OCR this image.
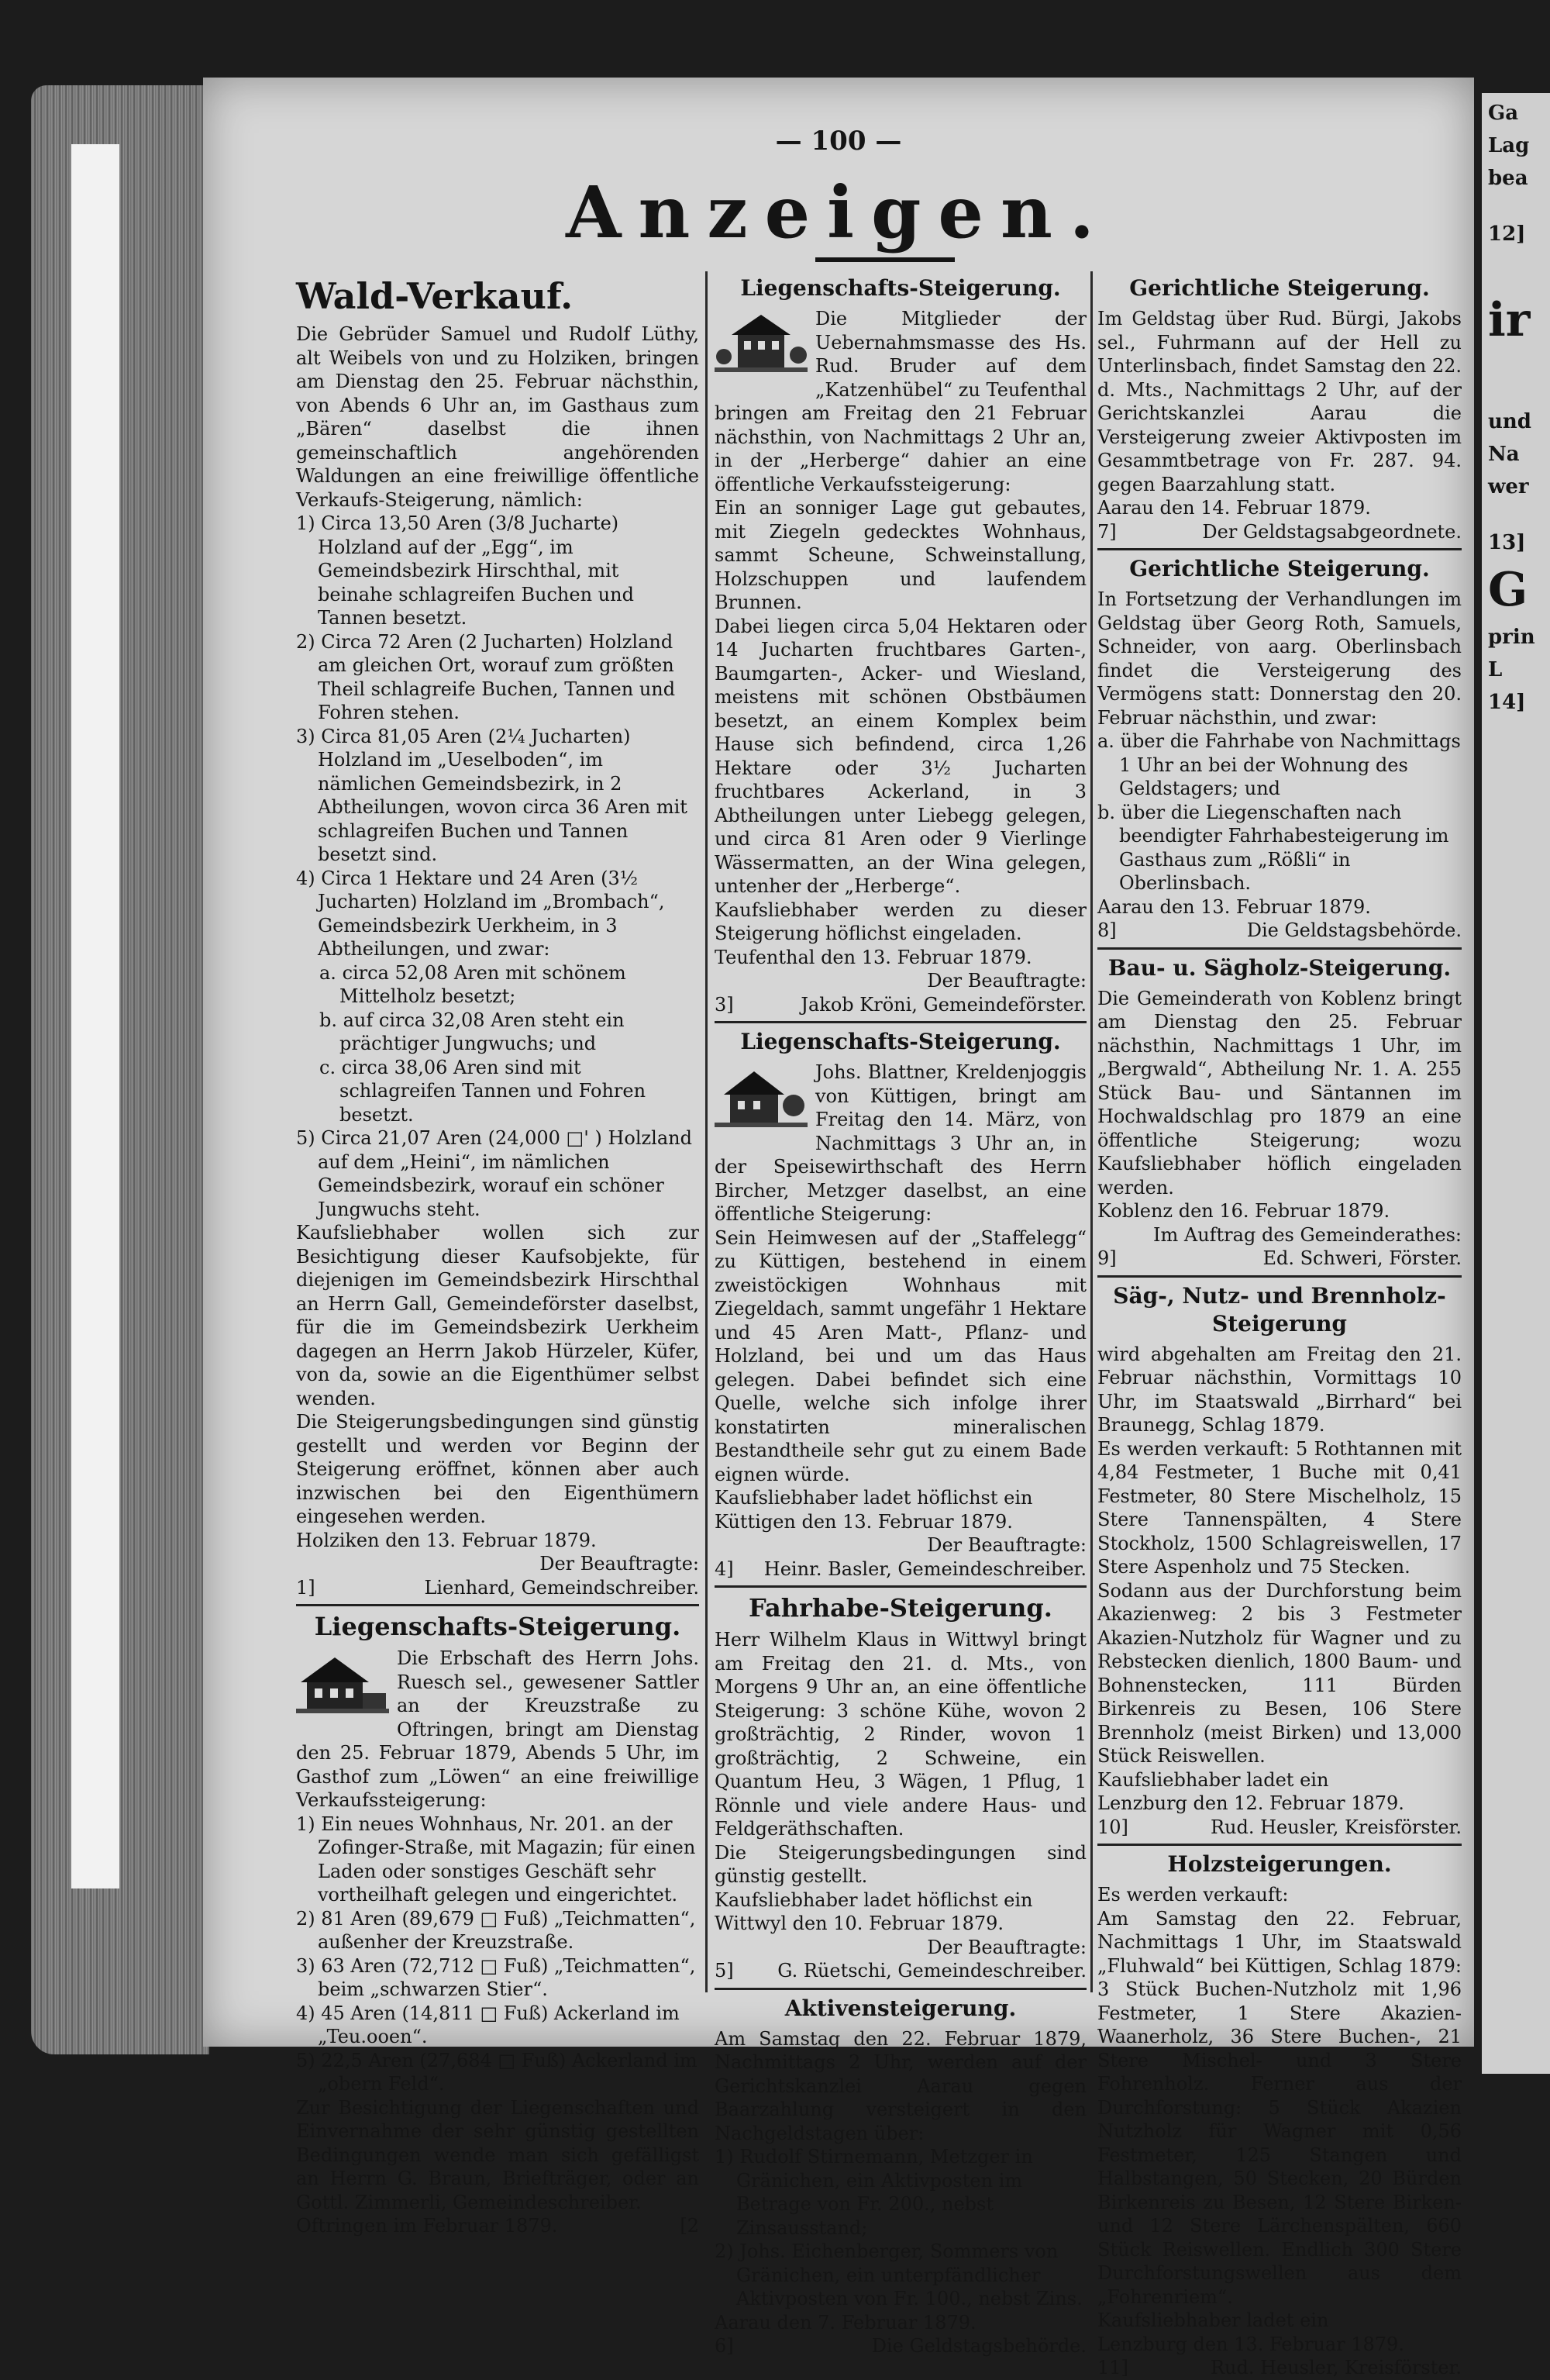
— 100 —
Anzeigen.
Wald-Verkauf.
Die Gebrüder Samuel und Rudolf Lüthy, alt Weibels von und zu Holziken, bringen am Dienstag den 25. Februar nächsthin, von Abends 6 Uhr an, im Gasthaus zum „Bären“ daselbst die ihnen gemeinschaftlich angehörenden Waldungen an eine freiwillige öffentliche Verkaufs-Steigerung, nämlich:
1) Circa 13,50 Aren (3/8 Jucharte) Holzland auf der „Egg“, im Gemeindsbezirk Hirschthal, mit beinahe schlagreifen Buchen und Tannen besetzt.
2) Circa 72 Aren (2 Jucharten) Holzland am gleichen Ort, worauf zum größten Theil schlagreife Buchen, Tannen und Fohren stehen.
3) Circa 81,05 Aren (2¼ Jucharten) Holzland im „Ueselboden“, im nämlichen Gemeindsbezirk, in 2 Abtheilungen, wovon circa 36 Aren mit schlagreifen Buchen und Tannen besetzt sind.
4) Circa 1 Hektare und 24 Aren (3½ Jucharten) Holzland im „Brombach“, Gemeindsbezirk Uerkheim, in 3 Abtheilungen, und zwar:
a. circa 52,08 Aren mit schönem Mittelholz besetzt;
b. auf circa 32,08 Aren steht ein prächtiger Jungwuchs; und
c. circa 38,06 Aren sind mit schlagreifen Tannen und Fohren besetzt.
5) Circa 21,07 Aren (24,000 □' ) Holzland auf dem „Heini“, im nämlichen Gemeindsbezirk, worauf ein schöner Jungwuchs steht.
Kaufsliebhaber wollen sich zur Besichtigung dieser Kaufsobjekte, für diejenigen im Gemeindsbezirk Hirschthal an Herrn Gall, Gemeindeförster daselbst, für die im Gemeindsbezirk Uerkheim dagegen an Herrn Jakob Hürzeler, Küfer, von da, sowie an die Eigenthümer selbst wenden.
Die Steigerungsbedingungen sind günstig gestellt und werden vor Beginn der Steigerung eröffnet, können aber auch inzwischen bei den Eigenthümern eingesehen werden.
Holziken den 13. Februar 1879.
Der Beauftragte:
1]	Lienhard, Gemeindschreiber.
Liegenschafts-Steigerung.
Die Erbschaft des Herrn Johs. Ruesch sel., gewesener Sattler an der Kreuzstraße zu Oftringen, bringt am Dienstag den 25. Februar 1879, Abends 5 Uhr, im Gasthof zum „Löwen“ an eine freiwillige Verkaufssteigerung:
1) Ein neues Wohnhaus, Nr. 201. an der Zofinger-Straße, mit Magazin; für einen Laden oder sonstiges Geschäft sehr vortheilhaft gelegen und eingerichtet.
2) 81 Aren (89,679 □ Fuß) „Teichmatten“, außenher der Kreuzstraße.
3) 63 Aren (72,712 □ Fuß) „Teichmatten“, beim „schwarzen Stier“.
4) 45 Aren (14,811 □ Fuß) Ackerland im „Teu.ooen“.
5) 22,5 Aren (27,684 □ Fuß) Ackerland im „obern Feld“.
Zur Besichtigung der Liegenschaften und Einvernahme der sehr günstig gestellten Bedingungen wende man sich gefälligst an Herrn G. Braun, Briefträger, oder an Gottl. Zimmerli, Gemeindeschreiber.
Oftringen im Februar 1879.	[2
Liegenschafts-Steigerung.
Die Mitglieder der Uebernahmsmasse des Hs. Rud. Bruder auf dem „Katzenhübel“ zu Teufenthal bringen am Freitag den 21 Februar nächsthin, von Nachmittags 2 Uhr an, in der „Herberge“ dahier an eine öffentliche Verkaufssteigerung:
Ein an sonniger Lage gut gebautes, mit Ziegeln gedecktes Wohnhaus, sammt Scheune, Schweinstallung, Holzschuppen und laufendem Brunnen.
Dabei liegen circa 5,04 Hektaren oder 14 Jucharten fruchtbares Garten-, Baumgarten-, Acker- und Wiesland, meistens mit schönen Obstbäumen besetzt, an einem Komplex beim Hause sich befindend, circa 1,26 Hektare oder 3½ Jucharten fruchtbares Ackerland, in 3 Abtheilungen unter Liebegg gelegen, und circa 81 Aren oder 9 Vierlinge Wässermatten, an der Wina gelegen, untenher der „Herberge“.
Kaufsliebhaber werden zu dieser Steigerung höflichst eingeladen.
Teufenthal den 13. Februar 1879.
Der Beauftragte:
3]	Jakob Kröni, Gemeindeförster.
Liegenschafts-Steigerung.
Johs. Blattner, Kreldenjoggis von Küttigen, bringt am Freitag den 14. März, von Nachmittags 3 Uhr an, in der Speisewirthschaft des Herrn Bircher, Metzger daselbst, an eine öffentliche Steigerung:
Sein Heimwesen auf der „Staffelegg“ zu Küttigen, bestehend in einem zweistöckigen Wohnhaus mit Ziegeldach, sammt ungefähr 1 Hektare und 45 Aren Matt-, Pflanz- und Holzland, bei und um das Haus gelegen. Dabei befindet sich eine Quelle, welche sich infolge ihrer konstatirten mineralischen Bestandtheile sehr gut zu einem Bade eignen würde.
Kaufsliebhaber ladet höflichst ein
Küttigen den 13. Februar 1879.
Der Beauftragte:
4] Heinr. Basler, Gemeindeschreiber.
Fahrhabe-Steigerung.
Herr Wilhelm Klaus in Wittwyl bringt am Freitag den 21. d. Mts., von Morgens 9 Uhr an, an eine öffentliche Steigerung: 3 schöne Kühe, wovon 2 großträchtig, 2 Rinder, wovon 1 großträchtig, 2 Schweine, ein Quantum Heu, 3 Wägen, 1 Pflug, 1 Rönnle und viele andere Haus- und Feldgeräthschaften.
Die Steigerungsbedingungen sind günstig gestellt.
Kaufsliebhaber ladet höflichst ein
Wittwyl den 10. Februar 1879.
Der Beauftragte:
5] G. Rüetschi, Gemeindeschreiber.
Aktivensteigerung.
Am Samstag den 22. Februar 1879, Nachmittags 2 Uhr, werden auf der Gerichtskanzlei Aarau gegen Baarzahlung versteigert in den Nachgeldstagen über:
1) Rudolf Stirnemann, Metzger in Gränichen, ein Aktivposten im Betrage von Fr. 200., nebst Zinsausstand;
2) Johs. Eichenberger, Sommers von Gränichen, ein unterpfändlicher Aktivposten von Fr. 100., nebst Zins.
Aarau den 7. Februar 1879.
6]	Die Geldstagsbehörde.
Gerichtliche Steigerung.
Im Geldstag über Rud. Bürgi, Jakobs sel., Fuhrmann auf der Hell zu Unterlinsbach, findet Samstag den 22. d. Mts., Nachmittags 2 Uhr, auf der Gerichtskanzlei Aarau die Versteigerung zweier Aktivposten im Gesammtbetrage von Fr. 287. 94. gegen Baarzahlung statt.
Aarau den 14. Februar 1879.
7]	Der Geldstagsabgeordnete.
Gerichtliche Steigerung.
In Fortsetzung der Verhandlungen im Geldstag über Georg Roth, Samuels, Schneider, von aarg. Oberlinsbach findet die Versteigerung des Vermögens statt: Donnerstag den 20. Februar nächsthin, und zwar:
a. über die Fahrhabe von Nachmittags 1 Uhr an bei der Wohnung des Geldstagers; und
b. über die Liegenschaften nach beendigter Fahrhabesteigerung im Gasthaus zum „Rößli“ in Oberlinsbach.
Aarau den 13. Februar 1879.
8]	Die Geldstagsbehörde.
Bau- u. Sägholz-Steigerung.
Die Gemeinderath von Koblenz bringt am Dienstag den 25. Februar nächsthin, Nachmittags 1 Uhr, im „Bergwald“, Abtheilung Nr. 1. A. 255 Stück Bau- und Säntannen im Hochwaldschlag pro 1879 an eine öffentliche Steigerung; wozu Kaufsliebhaber höflich eingeladen werden.
Koblenz den 16. Februar 1879.
Im Auftrag des Gemeinderathes:
9]	Ed. Schweri, Förster.
Säg-, Nutz- und Brennholz-Steigerung
wird abgehalten am Freitag den 21. Februar nächsthin, Vormittags 10 Uhr, im Staatswald „Birrhard“ bei Braunegg, Schlag 1879.
Es werden verkauft: 5 Rothtannen mit 4,84 Festmeter, 1 Buche mit 0,41 Festmeter, 80 Stere Mischelholz, 15 Stere Tannenspälten, 4 Stere Stockholz, 1500 Schlagreiswellen, 17 Stere Aspenholz und 75 Stecken.
Sodann aus der Durchforstung beim Akazienweg: 2 bis 3 Festmeter Akazien-Nutzholz für Wagner und zu Rebstecken dienlich, 1800 Baum- und Bohnenstecken, 111 Bürden Birkenreis zu Besen, 106 Stere Brennholz (meist Birken) und 13,000 Stück Reiswellen.
Kaufsliebhaber ladet ein
Lenzburg den 12. Februar 1879.
10]	Rud. Heusler, Kreisförster.
Holzsteigerungen.
Es werden verkauft:
Am Samstag den 22. Februar, Nachmittags 1 Uhr, im Staatswald „Fluhwald“ bei Küttigen, Schlag 1879: 3 Stück Buchen-Nutzholz mit 1,96 Festmeter, 1 Stere Akazien-Waanerholz, 36 Stere Buchen-, 21 Stere Mischel- und 3 Stere Fohrenholz. Ferner aus der Durchforstung: 5 Stück Akazien Nutzholz für Wagner mit 0,56 Festmeter, 125 Stangen und Halbstangen, 50 Stecken, 20 Bürden Birkenreis zu Besen, 12 Stere Birken- und 12 Stere Lärchenspälten, 660 Stück Reiswellen. Endlich 300 Stere Durchforstungswellen aus dem „Fohrenriem“.
Kaufsliebhaber ladet ein
Lenzburg den 13. Februar 1879.
11]	Rud. Heusler, Kreisförster.
Ga
Lag
bea
12]
ir
und
Na
wer
13]
G
prin
L
14]
